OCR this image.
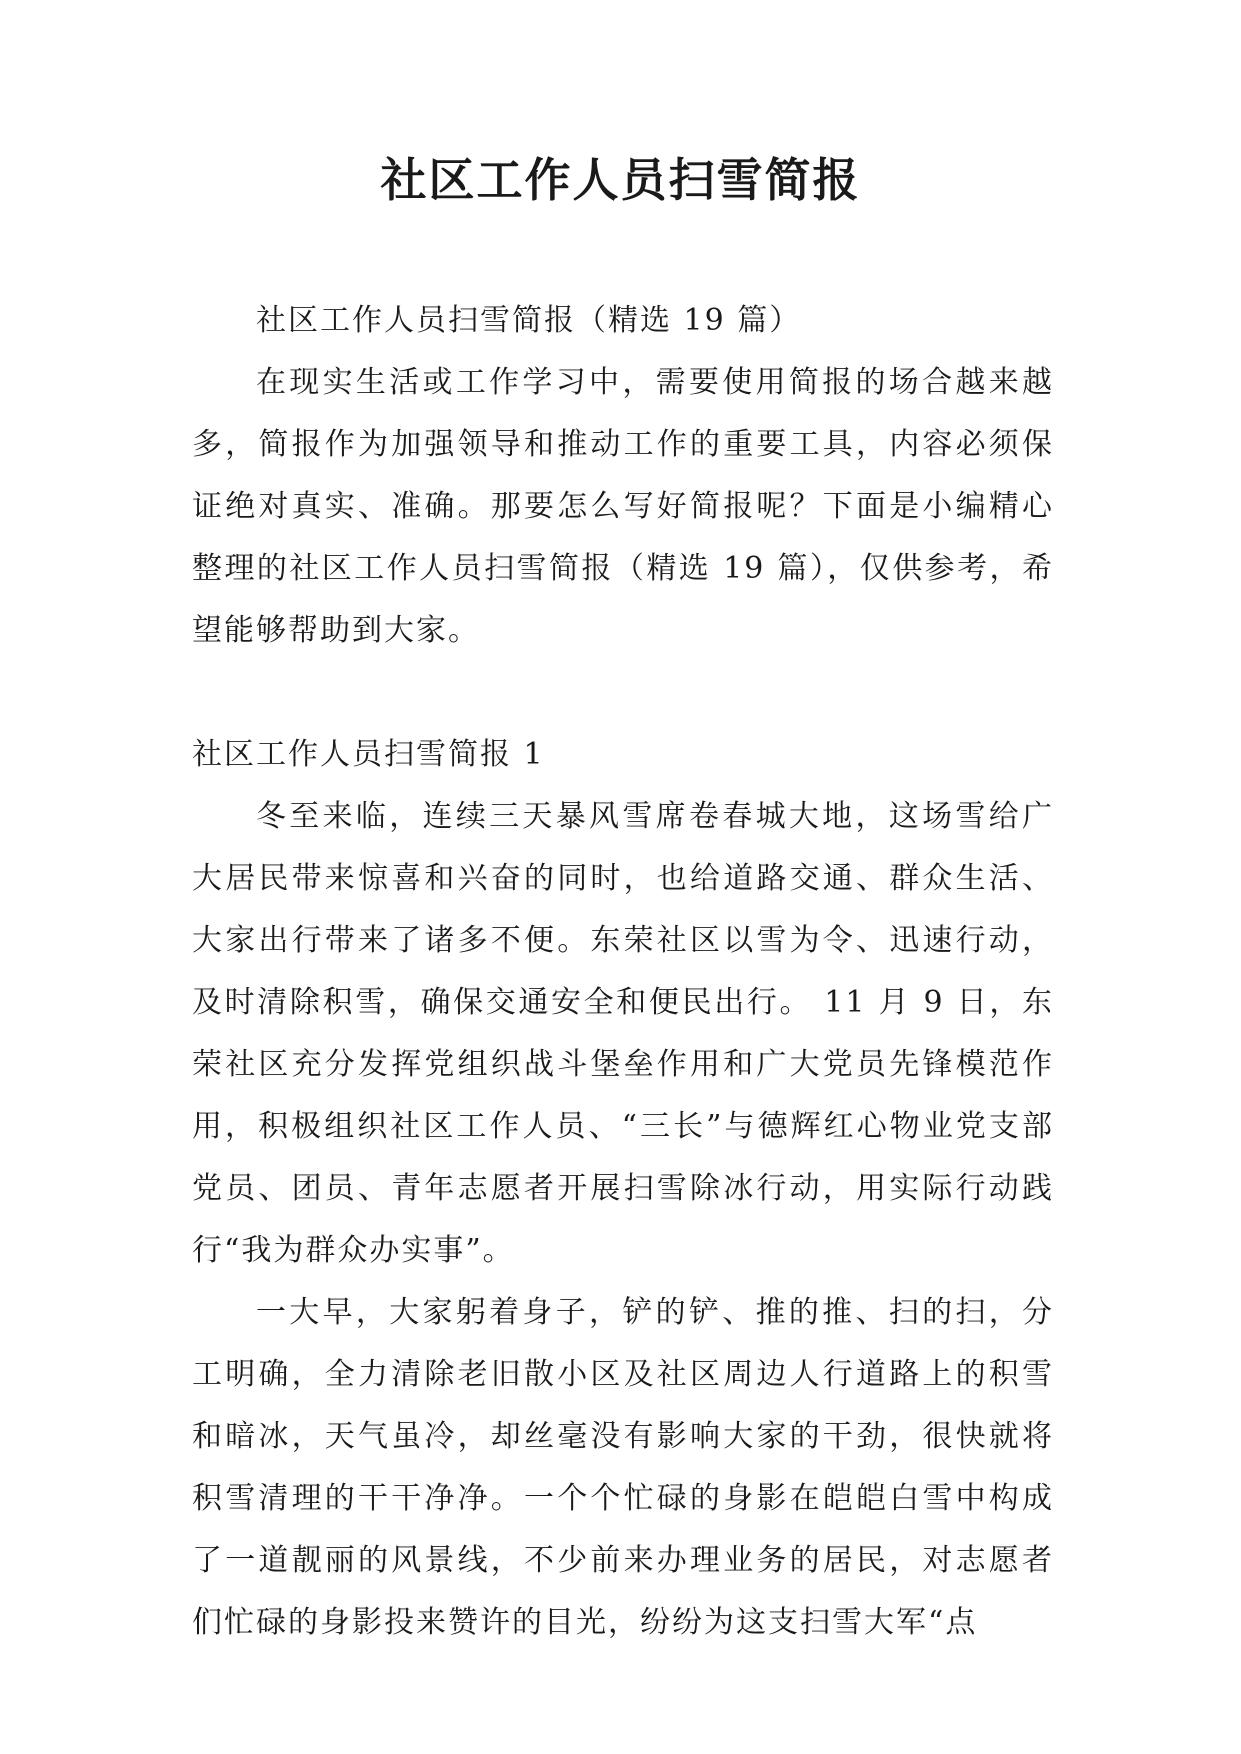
社区工作人员扫雪简报

社区工作人员扫雪简报（精选 19 篇）

在现实生活或工作学习中，需要使用简报的场合越来越多，简报作为加强领导和推动工作的重要工具，内容必须保证绝对真实、准确。那要怎么写好简报呢？下面是小编精心整理的社区工作人员扫雪简报（精选 19 篇），仅供参考，希望能够帮助到大家。

社区工作人员扫雪简报 1

冬至来临，连续三天暴风雪席卷春城大地，这场雪给广大居民带来惊喜和兴奋的同时，也给道路交通、群众生活、大家出行带来了诸多不便。东荣社区以雪为令、迅速行动，及时清除积雪，确保交通安全和便民出行。 11 月 9 日，东荣社区充分发挥党组织战斗堡垒作用和广大党员先锋模范作用，积极组织社区工作人员、“三长”与德辉红心物业党支部党员、团员、青年志愿者开展扫雪除冰行动，用实际行动践行“我为群众办实事”。

一大早，大家躬着身子，铲的铲、推的推、扫的扫，分工明确，全力清除老旧散小区及社区周边人行道路上的积雪和暗冰，天气虽冷，却丝毫没有影响大家的干劲，很快就将积雪清理的干干净净。一个个忙碌的身影在皑皑白雪中构成了一道靓丽的风景线，不少前来办理业务的居民，对志愿者们忙碌的身影投来赞许的目光，纷纷为这支扫雪大军“点
